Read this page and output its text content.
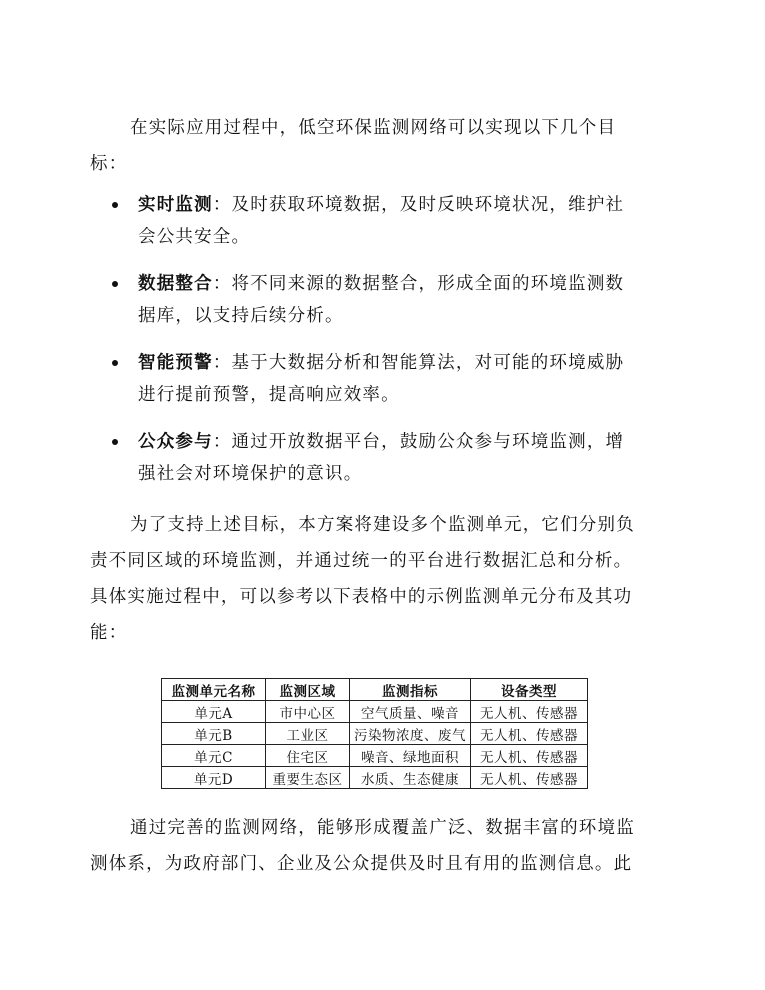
在实际应用过程中，低空环保监测网络可以实现以下几个目
标：
实时监测：及时获取环境数据，及时反映环境状况，维护社
会公共安全。
数据整合：将不同来源的数据整合，形成全面的环境监测数
据库，以支持后续分析。
智能预警：基于大数据分析和智能算法，对可能的环境威胁
进行提前预警，提高响应效率。
公众参与：通过开放数据平台，鼓励公众参与环境监测，增
强社会对环境保护的意识。
为了支持上述目标，本方案将建设多个监测单元，它们分别负
责不同区域的环境监测，并通过统一的平台进行数据汇总和分析。
具体实施过程中，可以参考以下表格中的示例监测单元分布及其功
能：
监测单元名称	监测区域	监测指标	设备类型
单元A	市中心区	空气质量、噪音	无人机、传感器
单元B	工业区	污染物浓度、废气	无人机、传感器
单元C	住宅区	噪音、绿地面积	无人机、传感器
单元D	重要生态区	水质、生态健康	无人机、传感器
通过完善的监测网络，能够形成覆盖广泛、数据丰富的环境监
测体系，为政府部门、企业及公众提供及时且有用的监测信息。此
